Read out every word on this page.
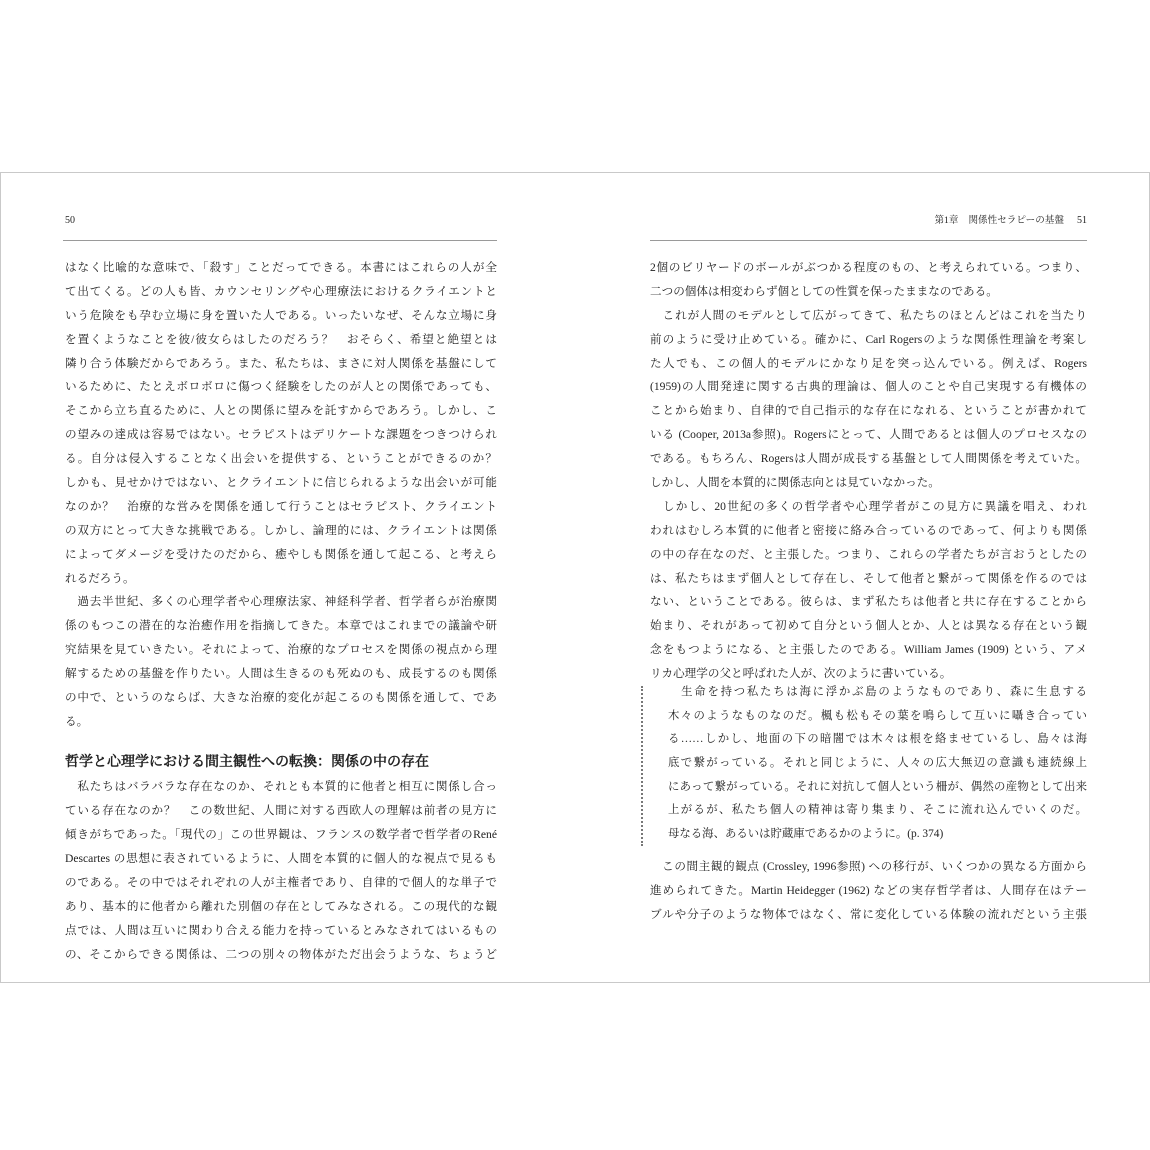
50
はなく比喩的な意味で、「殺す」ことだってできる。本書にはこれらの人が全
て出てくる。どの人も皆、カウンセリングや心理療法におけるクライエントと
いう危険をも孕む立場に身を置いた人である。いったいなぜ、そんな立場に身
を置くようなことを彼/彼女らはしたのだろう？　おそらく、希望と絶望とは
隣り合う体験だからであろう。また、私たちは、まさに対人関係を基盤にして
いるために、たとえボロボロに傷つく経験をしたのが人との関係であっても、
そこから立ち直るために、人との関係に望みを託すからであろう。しかし、こ
の望みの達成は容易ではない。セラピストはデリケートな課題をつきつけられ
る。自分は侵入することなく出会いを提供する、ということができるのか？
しかも、見せかけではない、とクライエントに信じられるような出会いが可能
なのか？　治療的な営みを関係を通して行うことはセラピスト、クライエント
の双方にとって大きな挑戦である。しかし、論理的には、クライエントは関係
によってダメージを受けたのだから、癒やしも関係を通して起こる、と考えら
れるだろう。
　過去半世紀、多くの心理学者や心理療法家、神経科学者、哲学者らが治療関
係のもつこの潜在的な治癒作用を指摘してきた。本章ではこれまでの議論や研
究結果を見ていきたい。それによって、治療的なプロセスを関係の視点から理
解するための基盤を作りたい。人間は生きるのも死ぬのも、成長するのも関係
の中で、というのならば、大きな治療的変化が起こるのも関係を通して、であ
る。
哲学と心理学における間主観性への転換：関係の中の存在
　私たちはバラバラな存在なのか、それとも本質的に他者と相互に関係し合っ
ている存在なのか？　この数世紀、人間に対する西欧人の理解は前者の見方に
傾きがちであった。「現代の」この世界観は、フランスの数学者で哲学者のRené
Descartes の思想に表されているように、人間を本質的に個人的な視点で見るも
のである。その中ではそれぞれの人が主権者であり、自律的で個人的な単子で
あり、基本的に他者から離れた別個の存在としてみなされる。この現代的な観
点では、人間は互いに関わり合える能力を持っているとみなされてはいるもの
の、そこからできる関係は、二つの別々の物体がただ出会うような、ちょうど
第1章 関係性セラピーの基盤 51
2個のビリヤードのボールがぶつかる程度のもの、と考えられている。つまり、
二つの個体は相変わらず個としての性質を保ったままなのである。
　これが人間のモデルとして広がってきて、私たちのほとんどはこれを当たり
前のように受け止めている。確かに、Carl Rogersのような関係性理論を考案し
た人でも、この個人的モデルにかなり足を突っ込んでいる。例えば、Rogers
(1959)の人間発達に関する古典的理論は、個人のことや自己実現する有機体の
ことから始まり、自律的で自己指示的な存在になれる、ということが書かれて
いる (Cooper, 2013a参照)。Rogersにとって、人間であるとは個人のプロセスなの
である。もちろん、Rogersは人間が成長する基盤として人間関係を考えていた。
しかし、人間を本質的に関係志向とは見ていなかった。
　しかし、20世紀の多くの哲学者や心理学者がこの見方に異議を唱え、われ
われはむしろ本質的に他者と密接に絡み合っているのであって、何よりも関係
の中の存在なのだ、と主張した。つまり、これらの学者たちが言おうとしたの
は、私たちはまず個人として存在し、そして他者と繋がって関係を作るのでは
ない、ということである。彼らは、まず私たちは他者と共に存在することから
始まり、それがあって初めて自分という個人とか、人とは異なる存在という観
念をもつようになる、と主張したのである。William James (1909) という、アメ
リカ心理学の父と呼ばれた人が、次のように書いている。
　生命を持つ私たちは海に浮かぶ島のようなものであり、森に生息する
木々のようなものなのだ。楓も松もその葉を鳴らして互いに囁き合ってい
る……しかし、地面の下の暗闇では木々は根を絡ませているし、島々は海
底で繋がっている。それと同じように、人々の広大無辺の意識も連続線上
にあって繋がっている。それに対抗して個人という柵が、偶然の産物として出来
上がるが、私たち個人の精神は寄り集まり、そこに流れ込んでいくのだ。
母なる海、あるいは貯蔵庫であるかのように。(p. 374)
　この間主観的観点 (Crossley, 1996参照) への移行が、いくつかの異なる方面から
進められてきた。Martin Heidegger (1962) などの実存哲学者は、人間存在はテー
ブルや分子のような物体ではなく、常に変化している体験の流れだという主張
